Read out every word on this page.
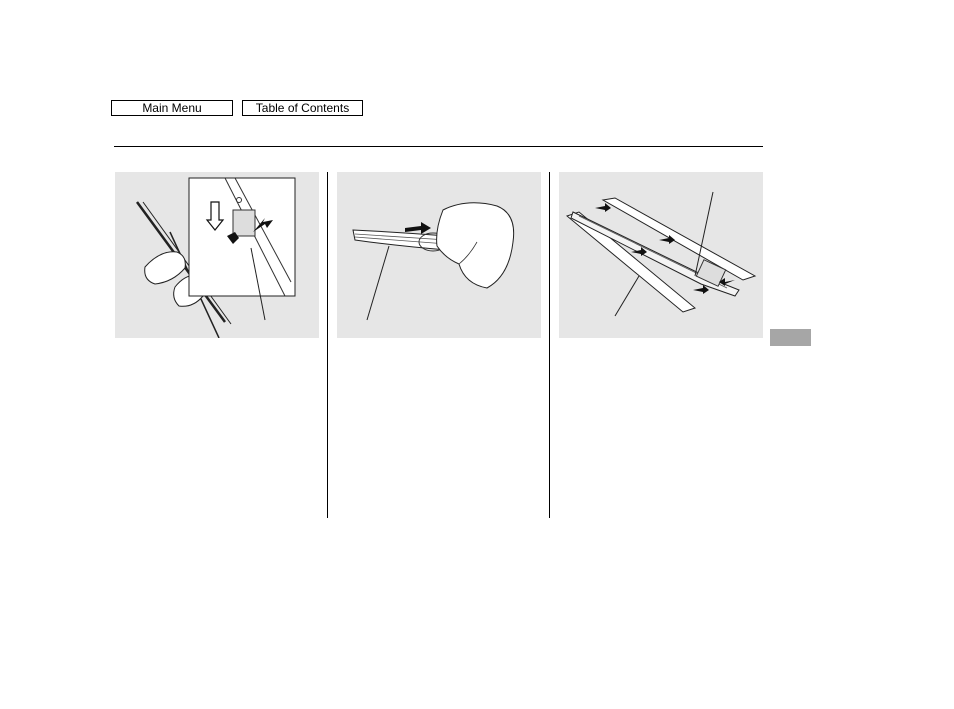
Main Menu	Table of Contents
